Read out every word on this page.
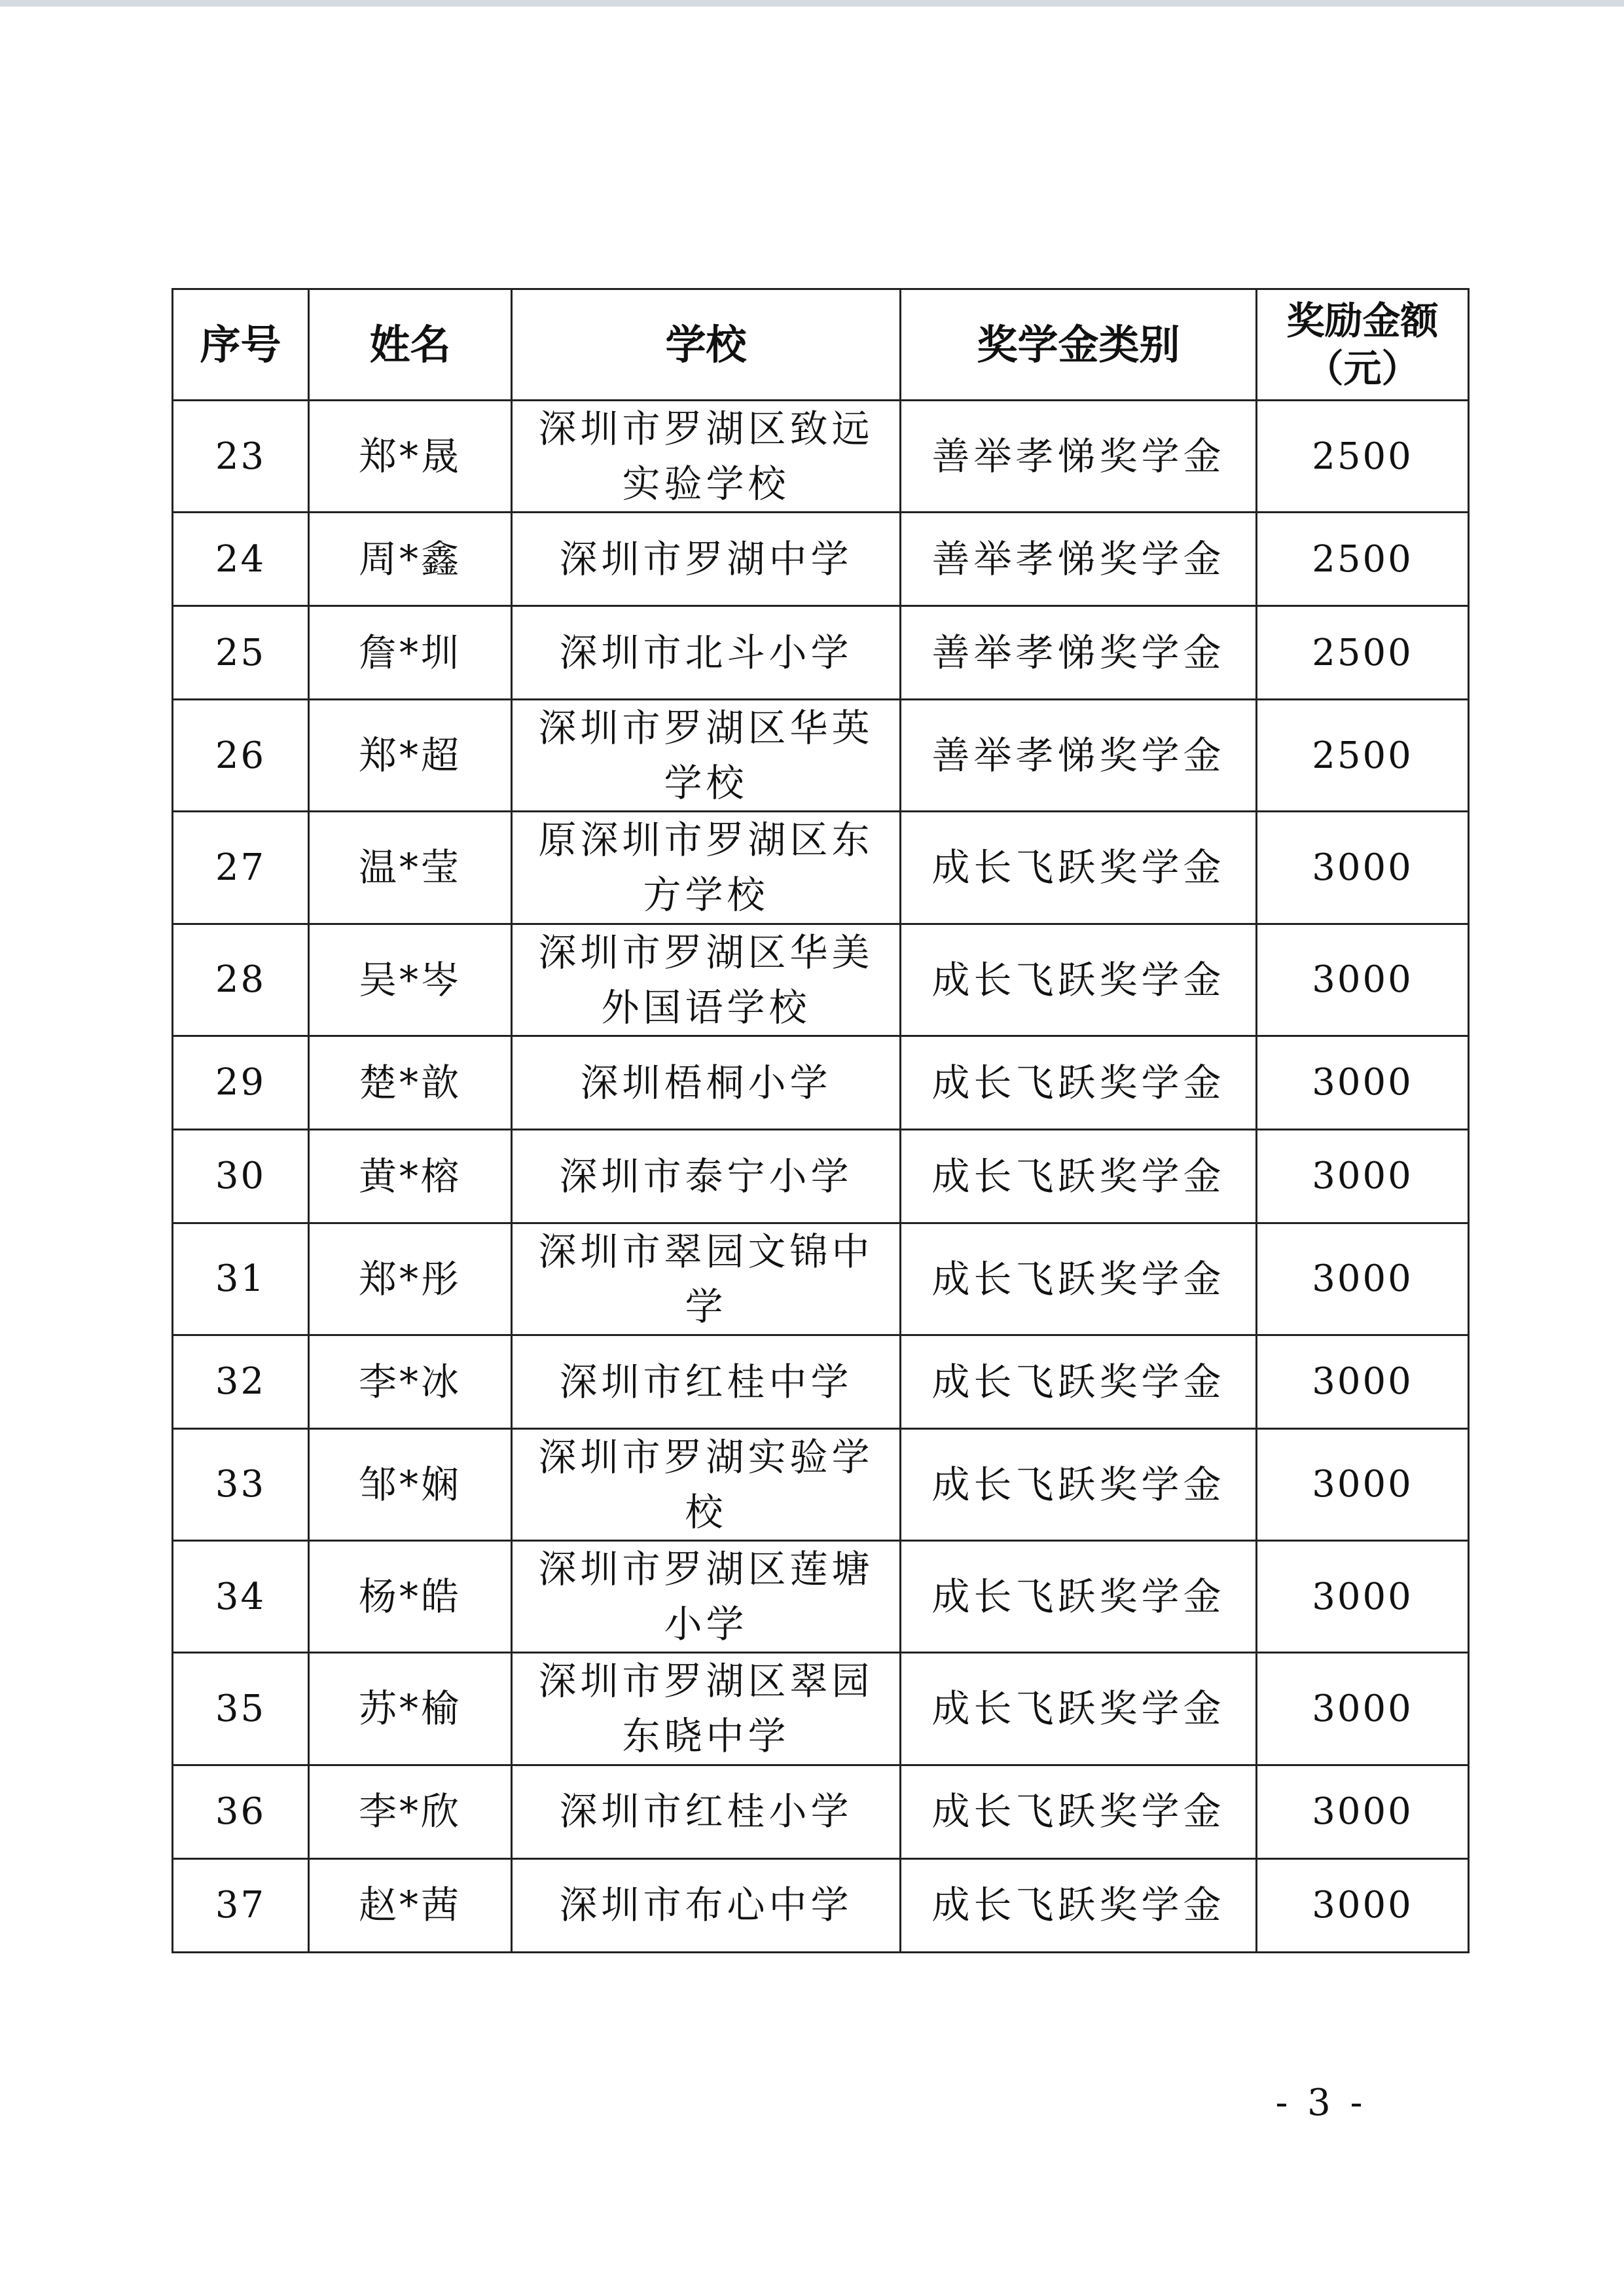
序号	姓名	学校	奖学金类别	奖励金额
（元）
23	郑*晟	深圳市罗湖区致远实验学校	善举孝悌奖学金	2500
24	周*鑫	深圳市罗湖中学	善举孝悌奖学金	2500
25	詹*圳	深圳市北斗小学	善举孝悌奖学金	2500
26	郑*超	深圳市罗湖区华英学校	善举孝悌奖学金	2500
27	温*莹	原深圳市罗湖区东方学校	成长飞跃奖学金	3000
28	吴*岑	深圳市罗湖区华美外国语学校	成长飞跃奖学金	3000
29	楚*歆	深圳梧桐小学	成长飞跃奖学金	3000
30	黄*榕	深圳市泰宁小学	成长飞跃奖学金	3000
31	郑*彤	深圳市翠园文锦中学	成长飞跃奖学金	3000
32	李*冰	深圳市红桂中学	成长飞跃奖学金	3000
33	邹*娴	深圳市罗湖实验学校	成长飞跃奖学金	3000
34	杨*皓	深圳市罗湖区莲塘小学	成长飞跃奖学金	3000
35	苏*榆	深圳市罗湖区翠园东晓中学	成长飞跃奖学金	3000
36	李*欣	深圳市红桂小学	成长飞跃奖学金	3000
37	赵*茜	深圳市布心中学	成长飞跃奖学金	3000
- 3 -
